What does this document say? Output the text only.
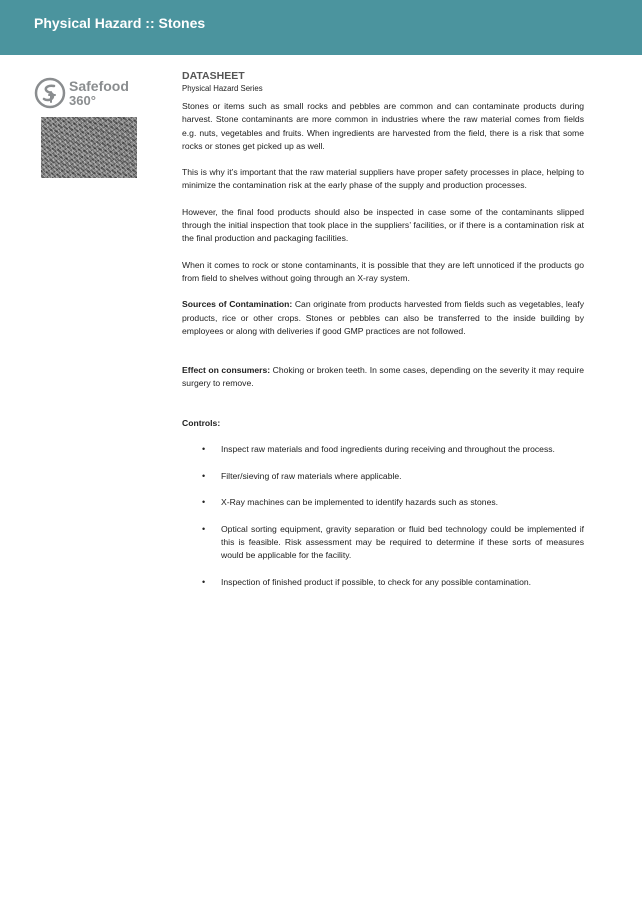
Physical Hazard :: Stones
Safefood
360°
DATASHEET
Physical Hazard Series

Stones or items such as small rocks and pebbles are common and can contaminate products during harvest. Stone contaminants are more common in industries where the raw material comes from fields e.g. nuts, vegetables and fruits. When ingredients are harvested from the field, there is a risk that some rocks or stones get picked up as well.

This is why it’s important that the raw material suppliers have proper safety processes in place, helping to minimize the contamination risk at the early phase of the supply and production processes.

However, the final food products should also be inspected in case some of the contaminants slipped through the initial inspection that took place in the suppliers’ facilities, or if there is a contamination risk at the final production and packaging facilities.

When it comes to rock or stone contaminants, it is possible that they are left unnoticed if the products go from field to shelves without going through an X-ray system.

Sources of Contamination: Can originate from products harvested from fields such as vegetables, leafy products, rice or other crops. Stones or pebbles can also be transferred to the inside building by employees or along with deliveries if good GMP practices are not followed.

Effect on consumers: Choking or broken teeth. In some cases, depending on the severity it may require surgery to remove.

Controls:

• Inspect raw materials and food ingredients during receiving and throughout the process.
• Filter/sieving of raw materials where applicable.
• X-Ray machines can be implemented to identify hazards such as stones.
• Optical sorting equipment, gravity separation or fluid bed technology could be implemented if this is feasible. Risk assessment may be required to determine if these sorts of measures would be applicable for the facility.
• Inspection of finished product if possible, to check for any possible contamination.
